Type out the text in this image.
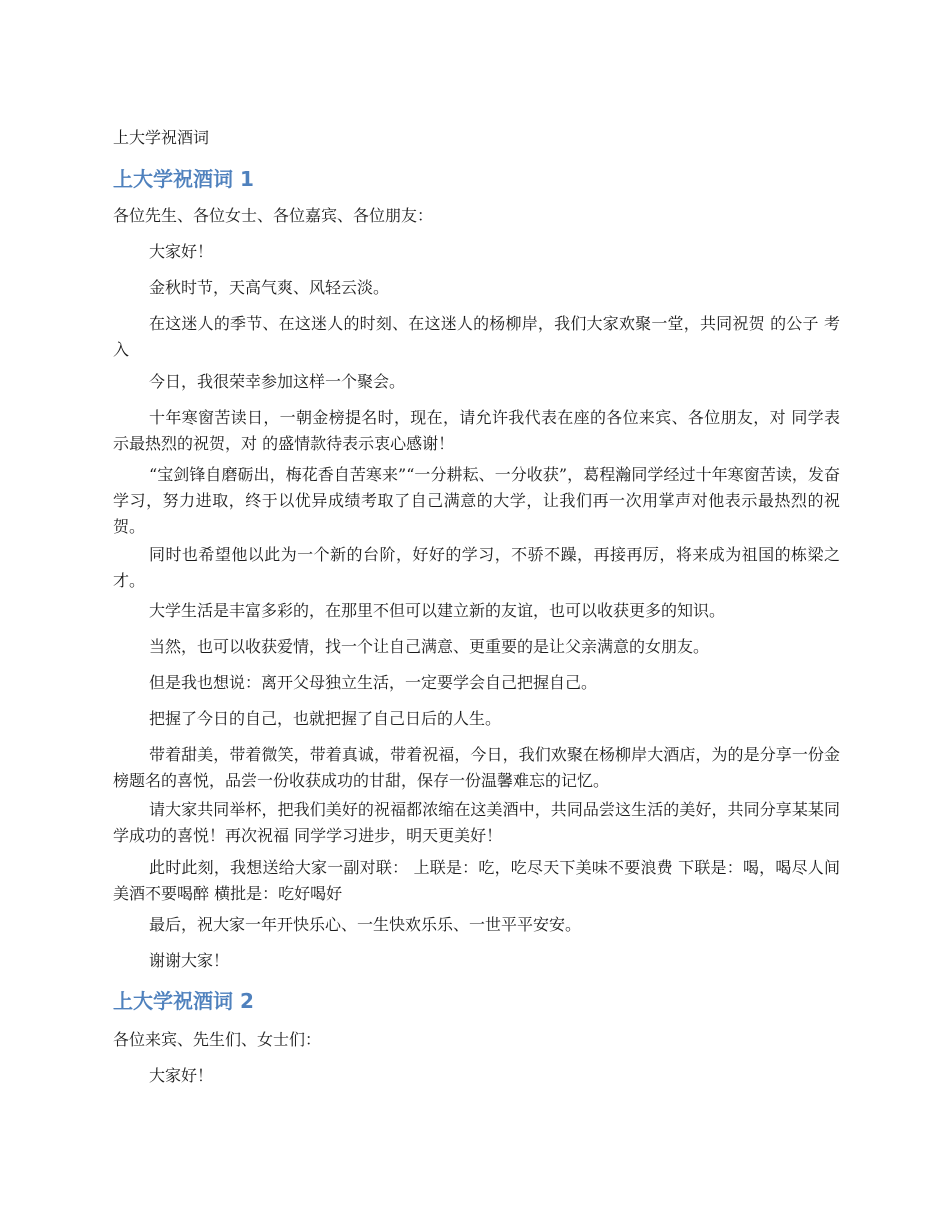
上大学祝酒词
上大学祝酒词 1
各位先生、各位女士、各位嘉宾、各位朋友：
大家好！
金秋时节，天高气爽、风轻云淡。
在这迷人的季节、在这迷人的时刻、在这迷人的杨柳岸，我们大家欢聚一堂，共同祝贺 的公子 考入
今日，我很荣幸参加这样一个聚会。
十年寒窗苦读日，一朝金榜提名时，现在，请允许我代表在座的各位来宾、各位朋友，对 同学表示最热烈的祝贺，对 的盛情款待表示衷心感谢！
“宝剑锋自磨砺出，梅花香自苦寒来”“一分耕耘、一分收获”，葛程瀚同学经过十年寒窗苦读，发奋学习，努力进取，终于以优异成绩考取了自己满意的大学，让我们再一次用掌声对他表示最热烈的祝贺。
同时也希望他以此为一个新的台阶，好好的学习，不骄不躁，再接再厉，将来成为祖国的栋梁之才。
大学生活是丰富多彩的，在那里不但可以建立新的友谊，也可以收获更多的知识。
当然，也可以收获爱情，找一个让自己满意、更重要的是让父亲满意的女朋友。
但是我也想说：离开父母独立生活，一定要学会自己把握自己。
把握了今日的自己，也就把握了自己日后的人生。
带着甜美，带着微笑，带着真诚，带着祝福，今日，我们欢聚在杨柳岸大酒店，为的是分享一份金榜题名的喜悦，品尝一份收获成功的甘甜，保存一份温馨难忘的记忆。
请大家共同举杯，把我们美好的祝福都浓缩在这美酒中，共同品尝这生活的美好，共同分享某某同学成功的喜悦！再次祝福 同学学习进步，明天更美好！
此时此刻，我想送给大家一副对联： 上联是：吃，吃尽天下美味不要浪费 下联是：喝，喝尽人间美酒不要喝醉 横批是：吃好喝好
最后，祝大家一年开快乐心、一生快欢乐乐、一世平平安安。
谢谢大家！
上大学祝酒词 2
各位来宾、先生们、女士们：
大家好！
